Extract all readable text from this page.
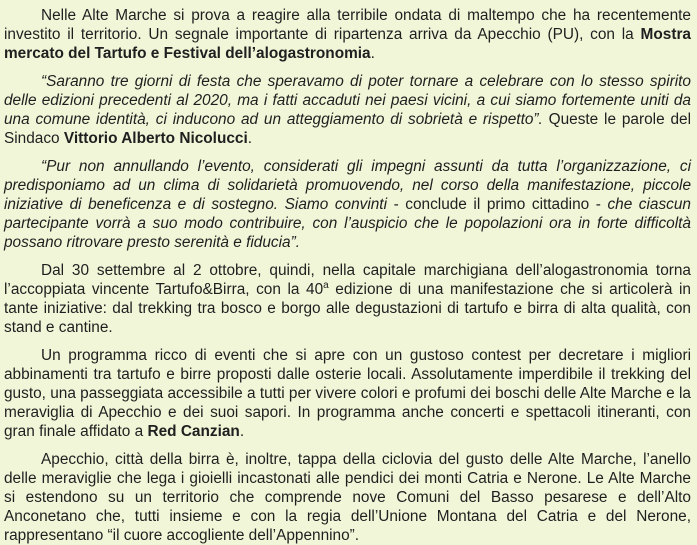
Nelle Alte Marche si prova a reagire alla terribile ondata di maltempo che ha recentemente investito il territorio. Un segnale importante di ripartenza arriva da Apecchio (PU), con la Mostra mercato del Tartufo e Festival dell’alogastronomia.

“Saranno tre giorni di festa che speravamo di poter tornare a celebrare con lo stesso spirito delle edizioni precedenti al 2020, ma i fatti accaduti nei paesi vicini, a cui siamo fortemente uniti da una comune identità, ci inducono ad un atteggiamento di sobrietà e rispetto”. Queste le parole del Sindaco Vittorio Alberto Nicolucci.

“Pur non annullando l’evento, considerati gli impegni assunti da tutta l’organizzazione, ci predisponiamo ad un clima di solidarietà promuovendo, nel corso della manifestazione, piccole iniziative di beneficenza e di sostegno. Siamo convinti - conclude il primo cittadino - che ciascun partecipante vorrà a suo modo contribuire, con l’auspicio che le popolazioni ora in forte difficoltà possano ritrovare presto serenità e fiducia”.

Dal 30 settembre al 2 ottobre, quindi, nella capitale marchigiana dell’alogastronomia torna l’accoppiata vincente Tartufo&Birra, con la 40$^a$ edizione di una manifestazione che si articolerà in tante iniziative: dal trekking tra bosco e borgo alle degustazioni di tartufo e birra di alta qualità, con stand e cantine.

Un programma ricco di eventi che si apre con un gustoso contest per decretare i migliori abbinamenti tra tartufo e birre proposti dalle osterie locali. Assolutamente imperdibile il trekking del gusto, una passeggiata accessibile a tutti per vivere colori e profumi dei boschi delle Alte Marche e la meraviglia di Apecchio e dei suoi sapori. In programma anche concerti e spettacoli itineranti, con gran finale affidato a Red Canzian.

Apecchio, città della birra è, inoltre, tappa della ciclovia del gusto delle Alte Marche, l’anello delle meraviglie che lega i gioielli incastonati alle pendici dei monti Catria e Nerone. Le Alte Marche si estendono su un territorio che comprende nove Comuni del Basso pesarese e dell’Alto Anconetano che, tutti insieme e con la regia dell’Unione Montana del Catria e del Nerone, rappresentano “il cuore accogliente dell’Appennino”.
